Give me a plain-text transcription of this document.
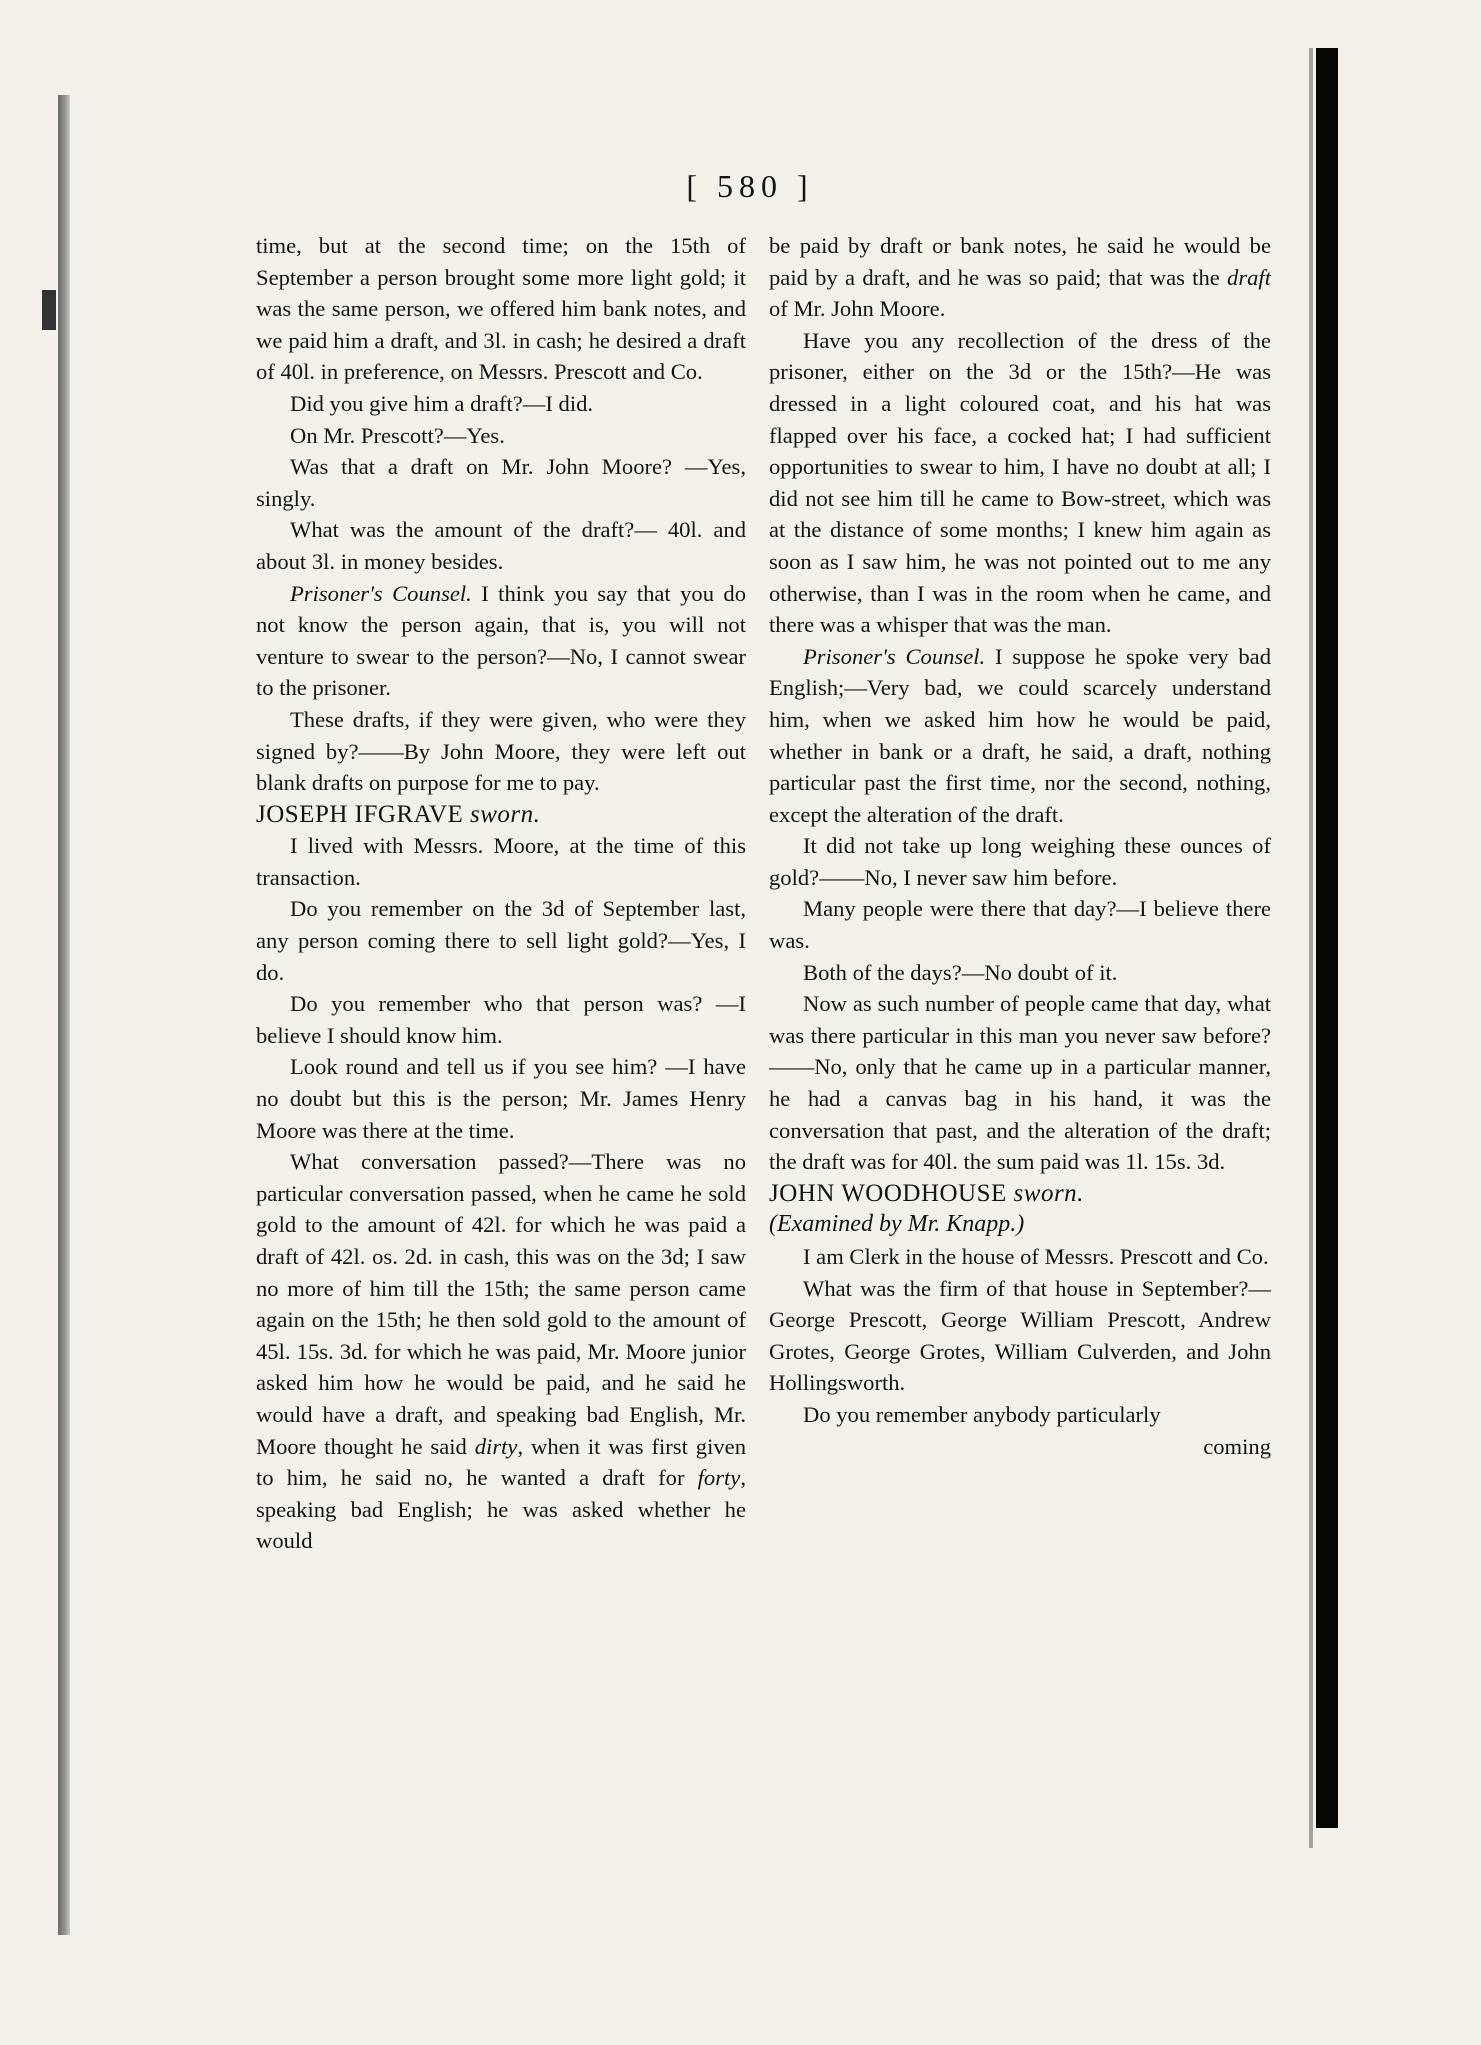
[ 580 ]

time, but at the second time; on the 15th of September a person brought some more light gold; it was the same person, we offered him bank notes, and we paid him a draft, and 3l. in cash; he desired a draft of 40l. in preference, on Messrs. Prescott and Co.

Did you give him a draft?—I did.

On Mr. Prescott?—Yes.

Was that a draft on Mr. John Moore? —Yes, singly.

What was the amount of the draft?— 40l. and about 3l. in money besides.

Prisoner's Counsel. I think you say that you do not know the person again, that is, you will not venture to swear to the person?—No, I cannot swear to the prisoner.

These drafts, if they were given, who were they signed by?——By John Moore, they were left out blank drafts on purpose for me to pay.

JOSEPH IFGRAVE sworn.

I lived with Messrs. Moore, at the time of this transaction.

Do you remember on the 3d of September last, any person coming there to sell light gold?—Yes, I do.

Do you remember who that person was? —I believe I should know him.

Look round and tell us if you see him? —I have no doubt but this is the person; Mr. James Henry Moore was there at the time.

What conversation passed?—There was no particular conversation passed, when he came he sold gold to the amount of 42l. for which he was paid a draft of 42l. os. 2d. in cash, this was on the 3d; I saw no more of him till the 15th; the same person came again on the 15th; he then sold gold to the amount of 45l. 15s. 3d. for which he was paid, Mr. Moore junior asked him how he would be paid, and he said he would have a draft, and speaking bad English, Mr. Moore thought he said dirty, when it was first given to him, he said no, he wanted a draft for forty, speaking bad English; he was asked whether he would

be paid by draft or bank notes, he said he would be paid by a draft, and he was so paid; that was the draft of Mr. John Moore.

Have you any recollection of the dress of the prisoner, either on the 3d or the 15th?—He was dressed in a light coloured coat, and his hat was flapped over his face, a cocked hat; I had sufficient opportunities to swear to him, I have no doubt at all; I did not see him till he came to Bow-street, which was at the distance of some months; I knew him again as soon as I saw him, he was not pointed out to me any otherwise, than I was in the room when he came, and there was a whisper that was the man.

Prisoner's Counsel. I suppose he spoke very bad English;—Very bad, we could scarcely understand him, when we asked him how he would be paid, whether in bank or a draft, he said, a draft, nothing particular past the first time, nor the second, nothing, except the alteration of the draft.

It did not take up long weighing these ounces of gold?——No, I never saw him before.

Many people were there that day?—I believe there was.

Both of the days?—No doubt of it.

Now as such number of people came that day, what was there particular in this man you never saw before?——No, only that he came up in a particular manner, he had a canvas bag in his hand, it was the conversation that past, and the alteration of the draft; the draft was for 40l. the sum paid was 1l. 15s. 3d.

JOHN WOODHOUSE sworn.

(Examined by Mr. Knapp.)

I am Clerk in the house of Messrs. Prescott and Co.

What was the firm of that house in September?—George Prescott, George William Prescott, Andrew Grotes, George Grotes, William Culverden, and John Hollingsworth.

Do you remember anybody particularly

coming
